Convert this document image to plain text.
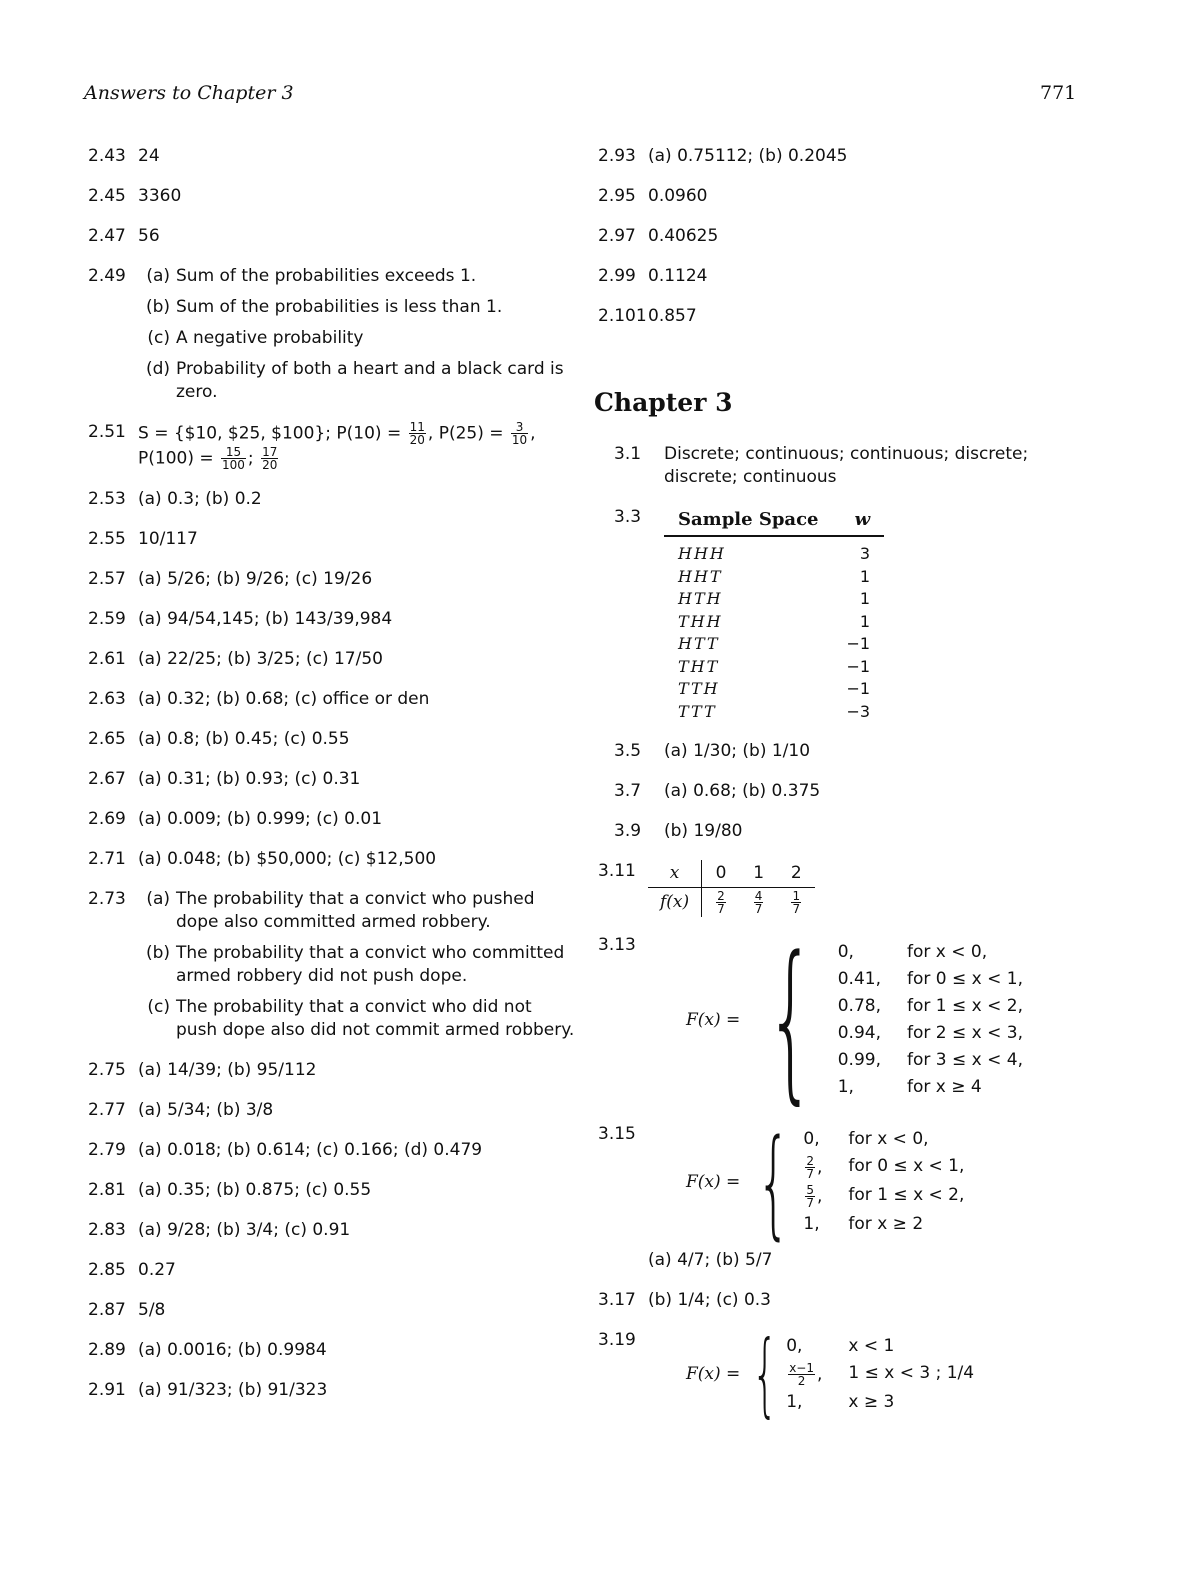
Answers to Chapter 3	771
2.43 24
2.45 3360
2.47 56
2.49	(a) Sum of the probabilities exceeds 1.
(b) Sum of the probabilities is less than 1.
(c) A negative probability
(d) Probability of both a heart and a black card is zero.
2.51 S = {$10, $25, $100}; $P(10) = \frac{11}{20}$ , $P(25) = \frac{3}{10}$ ,
$P(100) = \frac{15}{100}$ ; $\frac{17}{20}$
2.53 (a) 0.3; (b) 0.2
2.55 10/117
2.57 (a) 5/26; (b) 9/26; (c) 19/26
2.59 (a) 94/54,145; (b) 143/39,984
2.61 (a) 22/25; (b) 3/25; (c) 17/50
2.63 (a) 0.32; (b) 0.68; (c) office or den
2.65 (a) 0.8; (b) 0.45; (c) 0.55
2.67 (a) 0.31; (b) 0.93; (c) 0.31
2.69 (a) 0.009; (b) 0.999; (c) 0.01
2.71 (a) 0.048; (b) $50,000; (c) $12,500
2.73	(a) The probability that a convict who pushed dope also committed armed robbery.
(b) The probability that a convict who committed armed robbery did not push dope.
(c) The probability that a convict who did not push dope also did not commit armed robbery.
2.75 (a) 14/39; (b) 95/112
2.77 (a) 5/34; (b) 3/8
2.79 (a) 0.018; (b) 0.614; (c) 0.166; (d) 0.479
2.81 (a) 0.35; (b) 0.875; (c) 0.55
2.83 (a) 9/28; (b) 3/4; (c) 0.91
2.85 0.27
2.87 5/8
2.89 (a) 0.0016; (b) 0.9984
2.91 (a) 91/323; (b) 91/323
2.93 (a) 0.75112; (b) 0.2045
2.95 0.0960
2.97 0.40625
2.99 0.1124
2.101 0.857
Chapter 3
3.1	Discrete; continuous; continuous; discrete; discrete; continuous
3.3	Sample Space	w
HHH	3
HHT	1
HTH	1
THH	1
HTT	−1
THT	−1
TTH	−1
TTT	−3
3.5	(a) 1/30; (b) 1/10
3.7	(a) 0.68; (b) 0.375
3.9	(b) 19/80
3.11	x	0	1	2
f(x)	$\frac{2}{7}$	$\frac{4}{7}$	$\frac{1}{7}$
3.13
F(x) = { 0,	for x < 0,
0.41, for 0 ≤ x < 1,
0.78, for 1 ≤ x < 2,
0.94, for 2 ≤ x < 3,
0.99, for 3 ≤ x < 4,
1,	for x ≥ 4
3.15
F(x) = { 0, for x < 0,
$\frac{2}{7}$ , for 0 ≤ x < 1,
$\frac{5}{7}$ , for 1 ≤ x < 2,
1, for x ≥ 2
(a) 4/7; (b) 5/7
3.17 (b) 1/4; (c) 0.3
3.19
F(x) = { 0,	x < 1
$\frac{x-1}{2}$ , 1 ≤ x < 3 ; 1/4
1,	x ≥ 3
